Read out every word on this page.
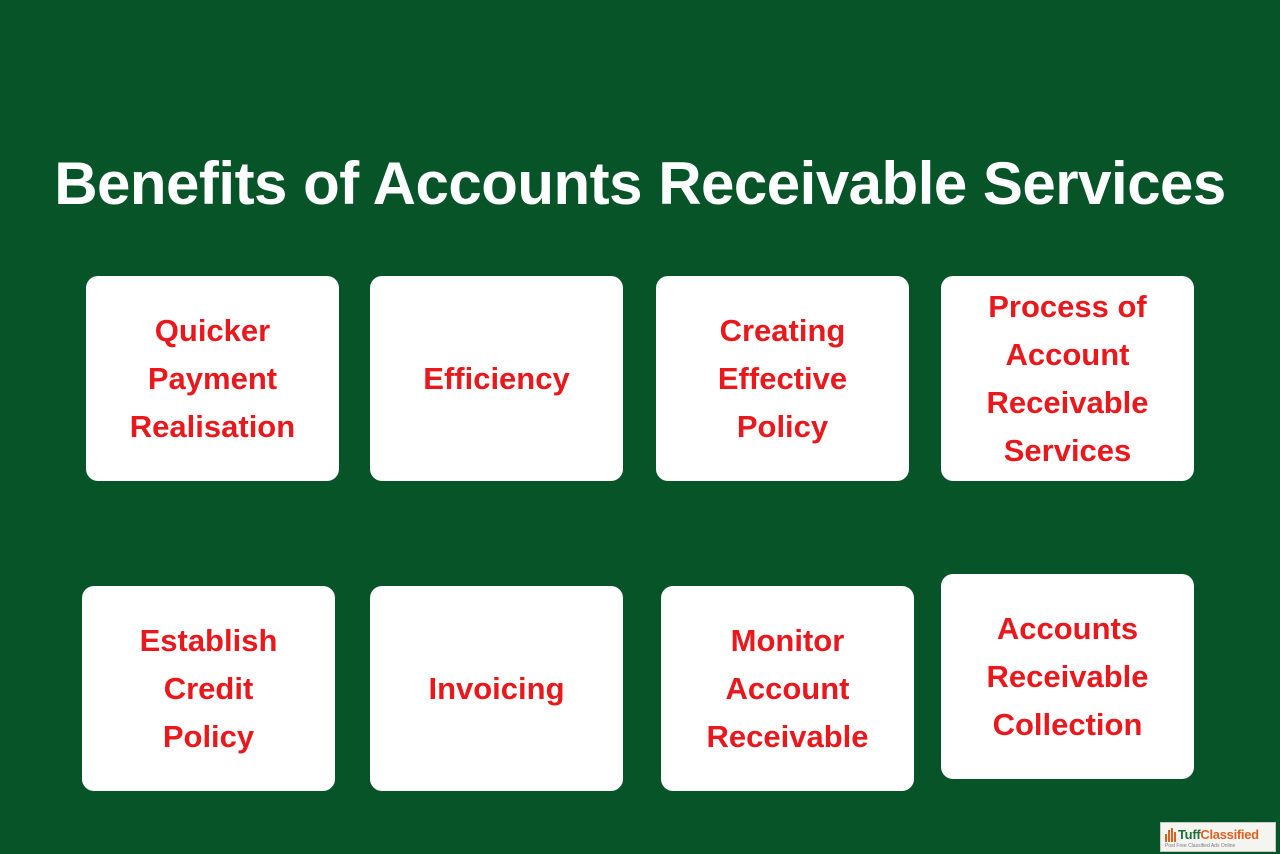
Benefits of Accounts Receivable Services
Quicker
Payment
Realisation
Efficiency
Creating
Effective
Policy
Process of
Account
Receivable
Services
Establish
Credit
Policy
Invoicing
Monitor
Account
Receivable
Accounts
Receivable
Collection
TuffClassified
Post Free Classified Ads Online
